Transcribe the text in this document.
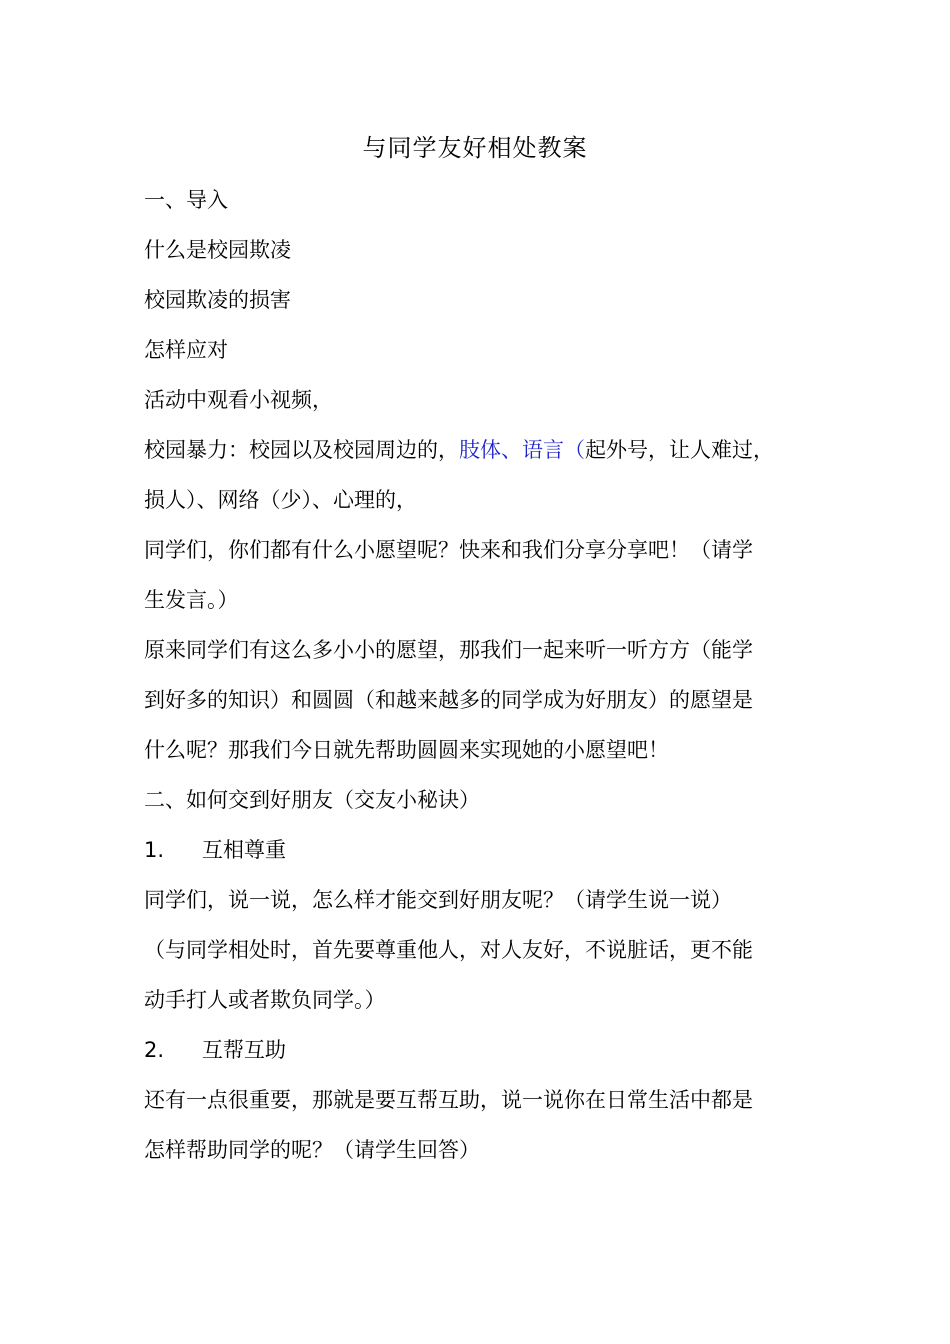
与同学友好相处教案

一、导入

什么是校园欺凌

校园欺凌的损害

怎样应对

活动中观看小视频，

校园暴力：校园以及校园周边的，肢体、语言（起外号，让人难过，

损人）、网络（少）、心理的，

同学们，你们都有什么小愿望呢？快来和我们分享分享吧！（请学

生发言。）

原来同学们有这么多小小的愿望，那我们一起来听一听方方（能学

到好多的知识）和圆圆（和越来越多的同学成为好朋友）的愿望是

什么呢？那我们今日就先帮助圆圆来实现她的小愿望吧！

二、如何交到好朋友（交友小秘诀）

1. 互相尊重

同学们，说一说，怎么样才能交到好朋友呢？（请学生说一说）

（与同学相处时，首先要尊重他人，对人友好，不说脏话，更不能

动手打人或者欺负同学。）

2. 互帮互助

还有一点很重要，那就是要互帮互助，说一说你在日常生活中都是

怎样帮助同学的呢？（请学生回答）
